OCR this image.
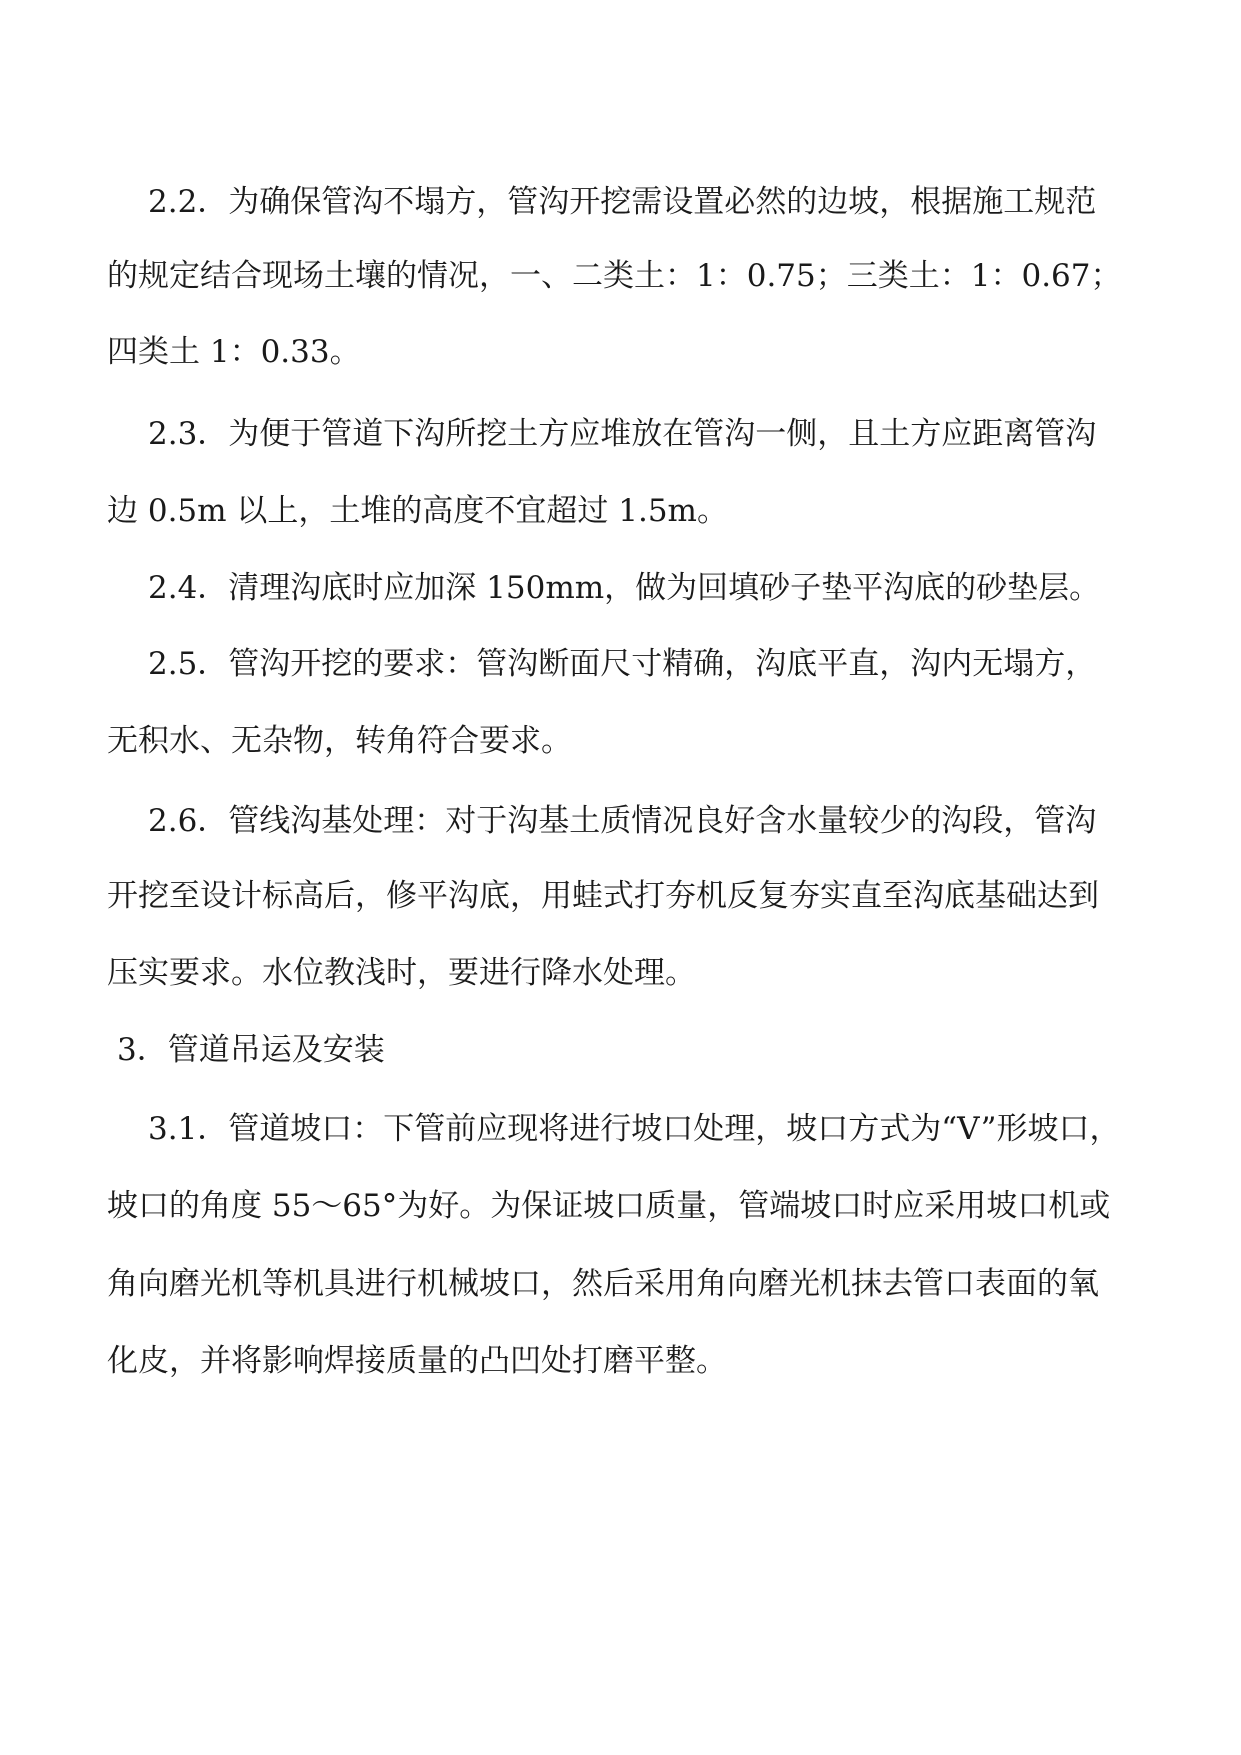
2.2．为确保管沟不塌方，管沟开挖需设置必然的边坡，根据施工规范
的规定结合现场土壤的情况，一、二类土：1：0.75；三类土：1：0.67；
四类土 1：0.33。
2.3．为便于管道下沟所挖土方应堆放在管沟一侧，且土方应距离管沟
边 0.5m 以上，土堆的高度不宜超过 1.5m。
2.4．清理沟底时应加深 150mm，做为回填砂子垫平沟底的砂垫层。
2.5．管沟开挖的要求：管沟断面尺寸精确，沟底平直，沟内无塌方，
无积水、无杂物，转角符合要求。
2.6．管线沟基处理：对于沟基土质情况良好含水量较少的沟段，管沟
开挖至设计标高后，修平沟底，用蛙式打夯机反复夯实直至沟底基础达到
压实要求。水位教浅时，要进行降水处理。
3．管道吊运及安装
3.1．管道坡口：下管前应现将进行坡口处理，坡口方式为“V”形坡口，
坡口的角度 55～65°为好。为保证坡口质量，管端坡口时应采用坡口机或
角向磨光机等机具进行机械坡口，然后采用角向磨光机抹去管口表面的氧
化皮，并将影响焊接质量的凸凹处打磨平整。
